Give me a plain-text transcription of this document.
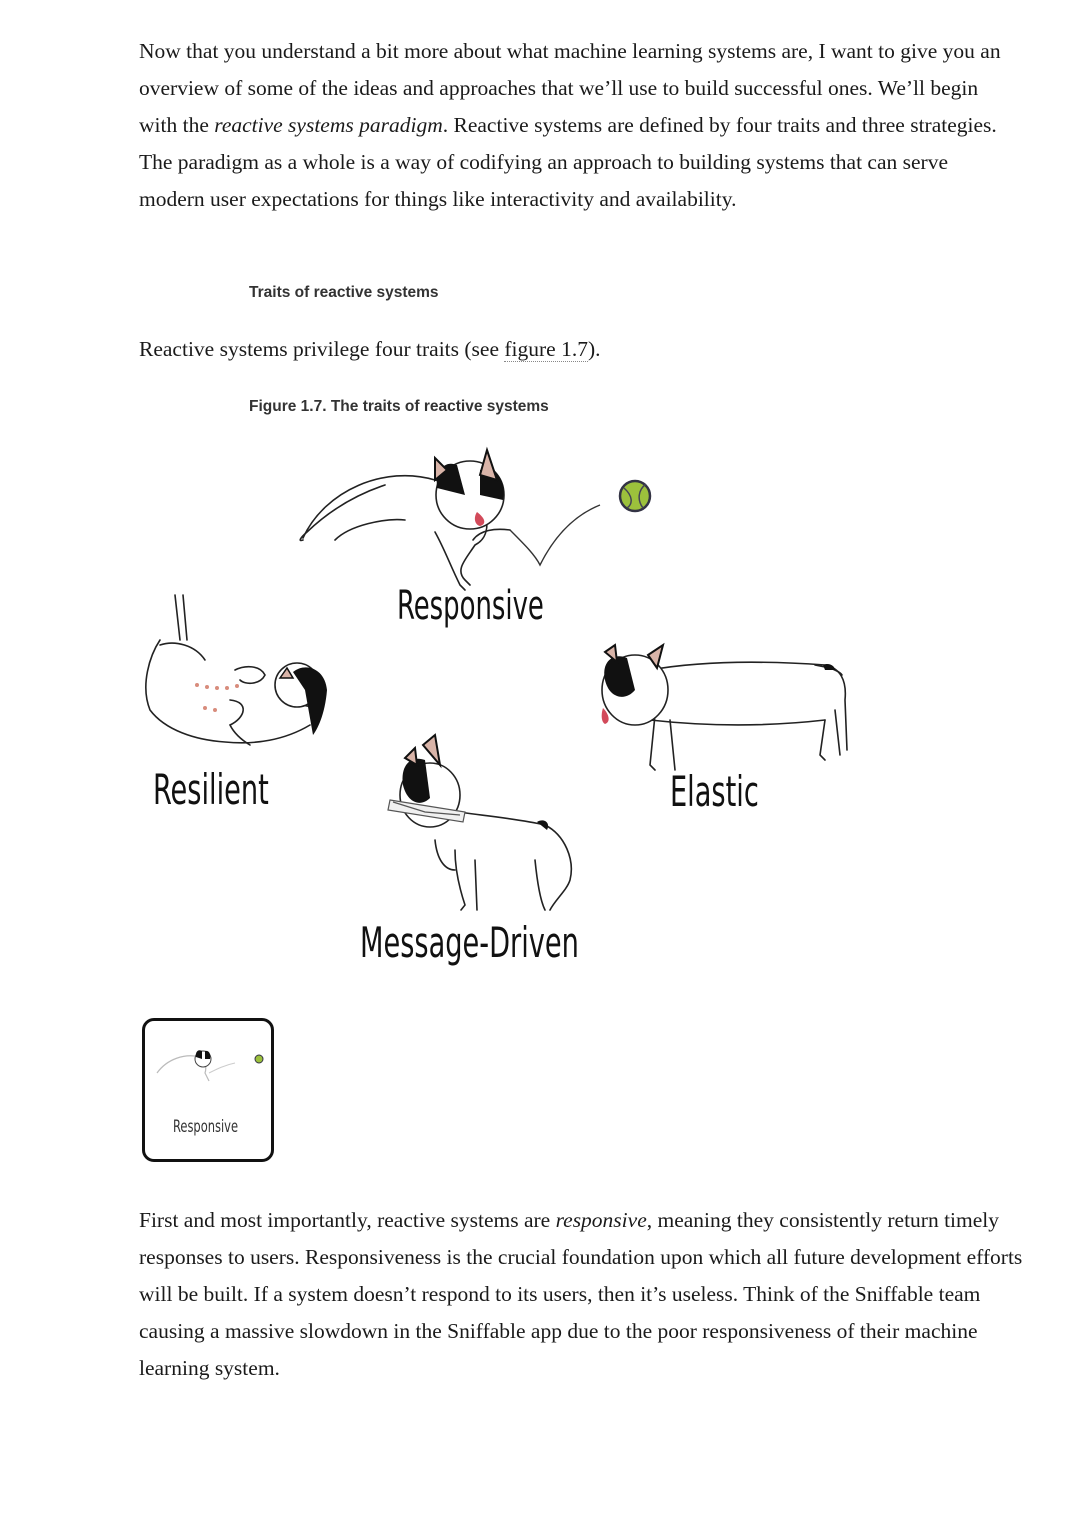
Now that you understand a bit more about what machine learning systems are, I want to give you an overview of some of the ideas and approaches that we’ll use to build successful ones. We’ll begin with the reactive systems paradigm. Reactive systems are defined by four traits and three strategies. The paradigm as a whole is a way of codifying an approach to building systems that can serve modern user expectations for things like interactivity and availability.

Traits of reactive systems

Reactive systems privilege four traits (see figure 1.7).

Figure 1.7. The traits of reactive systems
Responsive
Resilient	Elastic
Message-Driven

Responsive

First and most importantly, reactive systems are responsive, meaning they consistently return timely responses to users. Responsiveness is the crucial foundation upon which all future development efforts will be built. If a system doesn’t respond to its users, then it’s useless. Think of the Sniffable team causing a massive slowdown in the Sniffable app due to the poor responsiveness of their machine learning system.
